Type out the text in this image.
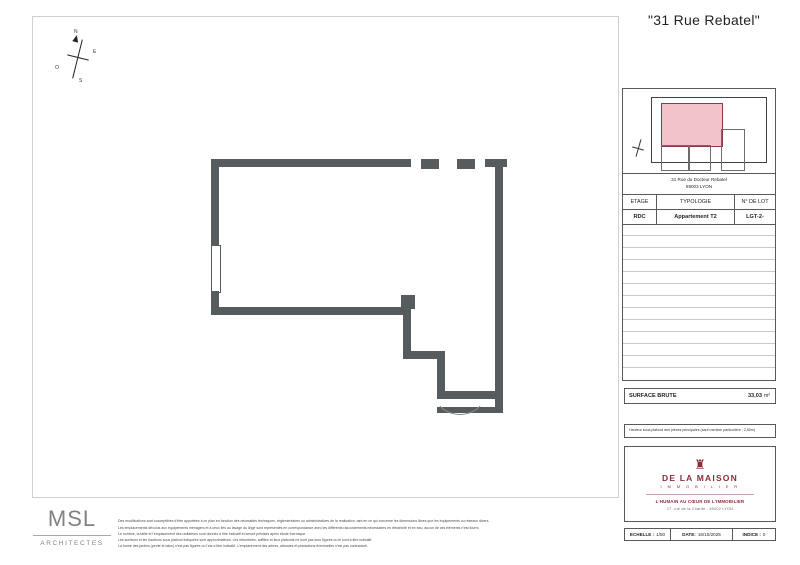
"31 Rue Rebatel"
N
S
E
O
MSL
ARCHITECTES

Des modifications sont susceptibles d'être apportées à ce plan en fonction des nécessités techniques, réglementaires ou administratives de la réalisation, tant en ce qui concerne les dimensions libres que les équipements ou réseaux divers.

Les emplacements dévolus aux équipements ménagers et à ceux liés au lavage du linge sont représentés en correspondance avec les différents raccordements nécessaires en électricité et en eau, aucun de ces éléments n'est fourni.

Le nombre, la taille et l'emplacement des radiateurs sont donnés à titre indicatif et seront précisés après étude thermique.

Les surfaces et les hauteurs sous plafond indiquées sont approximatives. Les retombées, soffites et faux plafonds ne sont pas tous figurés ou le sont à titre indicatif.

La forme des jardins (pente et talus) n'est pas figurée ou l'est à titre indicatif. L'emplacement des arbres, arbustes et plantations éventuelles n'est pas contractuel.

31 Rue du Docteur Rebatel
69003 LYON
ETAGE	TYPOLOGIE	N° DE LOT
RDC	Appartement T2	LGT-2-
SURFACE BRUTE	33,03 m²
Hauteur sous plafond des pièces principales (sauf mention particulière : 2,50m)
♜
DE LA MAISON
I M M O B I L I E R
L'HUMAIN AU CŒUR DE L'IMMOBILIER
17, rue de la Charité - 69002 LYON
ECHELLE : 1/50	DATE: 16/10/2025	INDICE : 0
